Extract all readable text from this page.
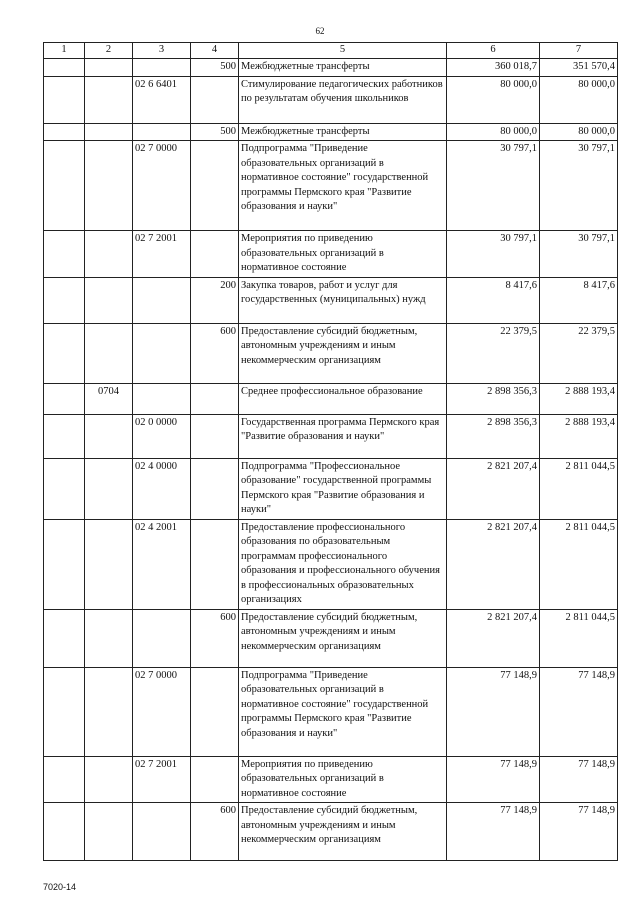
62
1	2	3	4	5	6	7
			500	Межбюджетные трансферты	360 018,7	351 570,4
		02 6 6401		Стимулирование педагогических работников по результатам обучения школьников	80 000,0	80 000,0
			500	Межбюджетные трансферты	80 000,0	80 000,0
		02 7 0000		Подпрограмма "Приведение образовательных организаций в нормативное состояние" государственной программы Пермского края "Развитие образования и науки"	30 797,1	30 797,1
		02 7 2001		Мероприятия по приведению образовательных организаций в нормативное состояние	30 797,1	30 797,1
			200	Закупка товаров, работ и услуг для государственных (муниципальных) нужд	8 417,6	8 417,6
			600	Предоставление субсидий бюджетным, автономным учреждениям и иным некоммерческим организациям	22 379,5	22 379,5
	0704			Среднее профессиональное образование	2 898 356,3	2 888 193,4
		02 0 0000		Государственная программа Пермского края "Развитие образования и науки"	2 898 356,3	2 888 193,4
		02 4 0000		Подпрограмма "Профессиональное образование" государственной программы Пермского края "Развитие образования и науки"	2 821 207,4	2 811 044,5
		02 4 2001		Предоставление профессионального образования по образовательным программам профессионального образования и профессионального обучения в профессиональных образовательных организациях	2 821 207,4	2 811 044,5
			600	Предоставление субсидий бюджетным, автономным учреждениям и иным некоммерческим организациям	2 821 207,4	2 811 044,5
		02 7 0000		Подпрограмма "Приведение образовательных организаций в нормативное состояние" государственной программы Пермского края "Развитие образования и науки"	77 148,9	77 148,9
		02 7 2001		Мероприятия по приведению образовательных организаций в нормативное состояние	77 148,9	77 148,9
			600	Предоставление субсидий бюджетным, автономным учреждениям и иным некоммерческим организациям	77 148,9	77 148,9
7020-14
